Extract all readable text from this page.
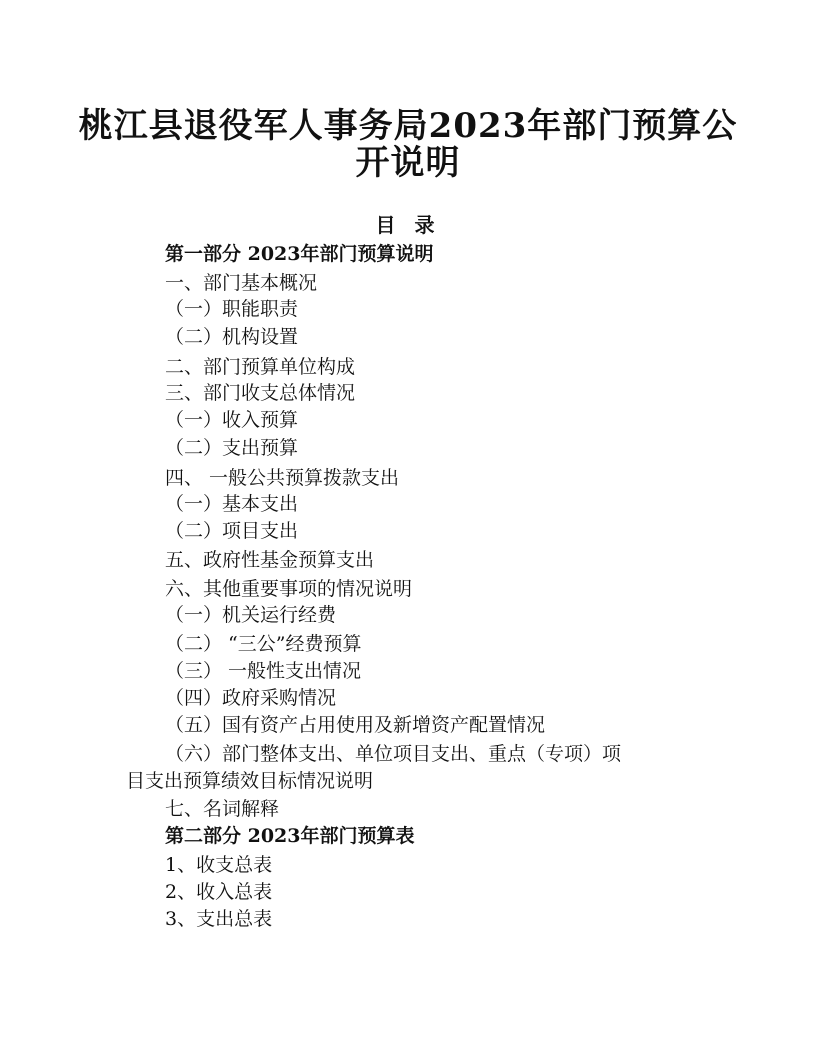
桃江县退役军人事务局2023年部门预算公
开说明
目 录
第一部分 2023年部门预算说明
一、部门基本概况
（一）职能职责
（二）机构设置
二、部门预算单位构成
三、部门收支总体情况
（一）收入预算
（二）支出预算
四、 一般公共预算拨款支出
（一）基本支出
（二）项目支出
五、政府性基金预算支出
六、其他重要事项的情况说明
（一）机关运行经费
（二） “三公”经费预算
（三） 一般性支出情况
（四）政府采购情况
（五）国有资产占用使用及新增资产配置情况
（六）部门整体支出、单位项目支出、重点（专项）项
目支出预算绩效目标情况说明
七、名词解释
第二部分 2023年部门预算表
1、收支总表
2、收入总表
3、支出总表
